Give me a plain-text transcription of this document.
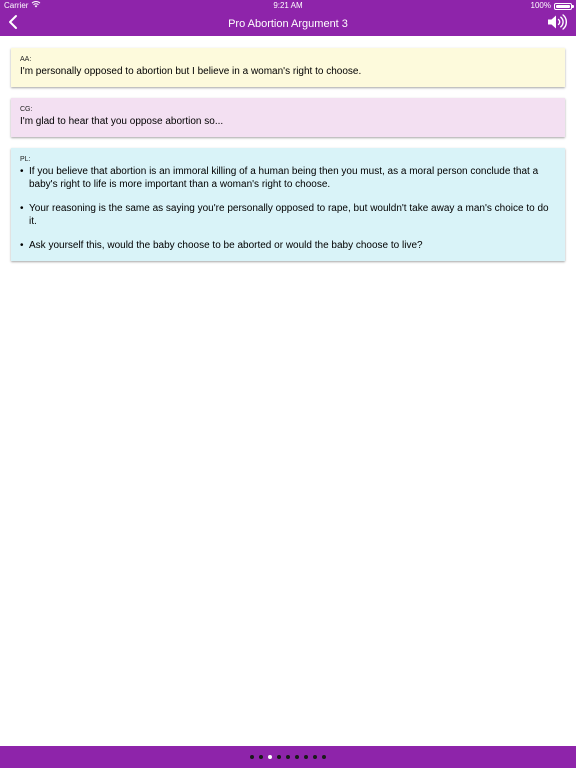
Carrier	9:21 AM	100%
Pro Abortion Argument 3
AA:
I'm personally opposed to abortion but I believe in a woman's right to choose.
CG:
I'm glad to hear that you oppose abortion so...
PL:
• If you believe that abortion is an immoral killing of a human being then you must, as a moral person conclude that a baby's right to life is more important than a woman's right to choose.
• Your reasoning is the same as saying you're personally opposed to rape, but wouldn't take away a man's choice to do it.
• Ask yourself this, would the baby choose to be aborted or would the baby choose to live?
